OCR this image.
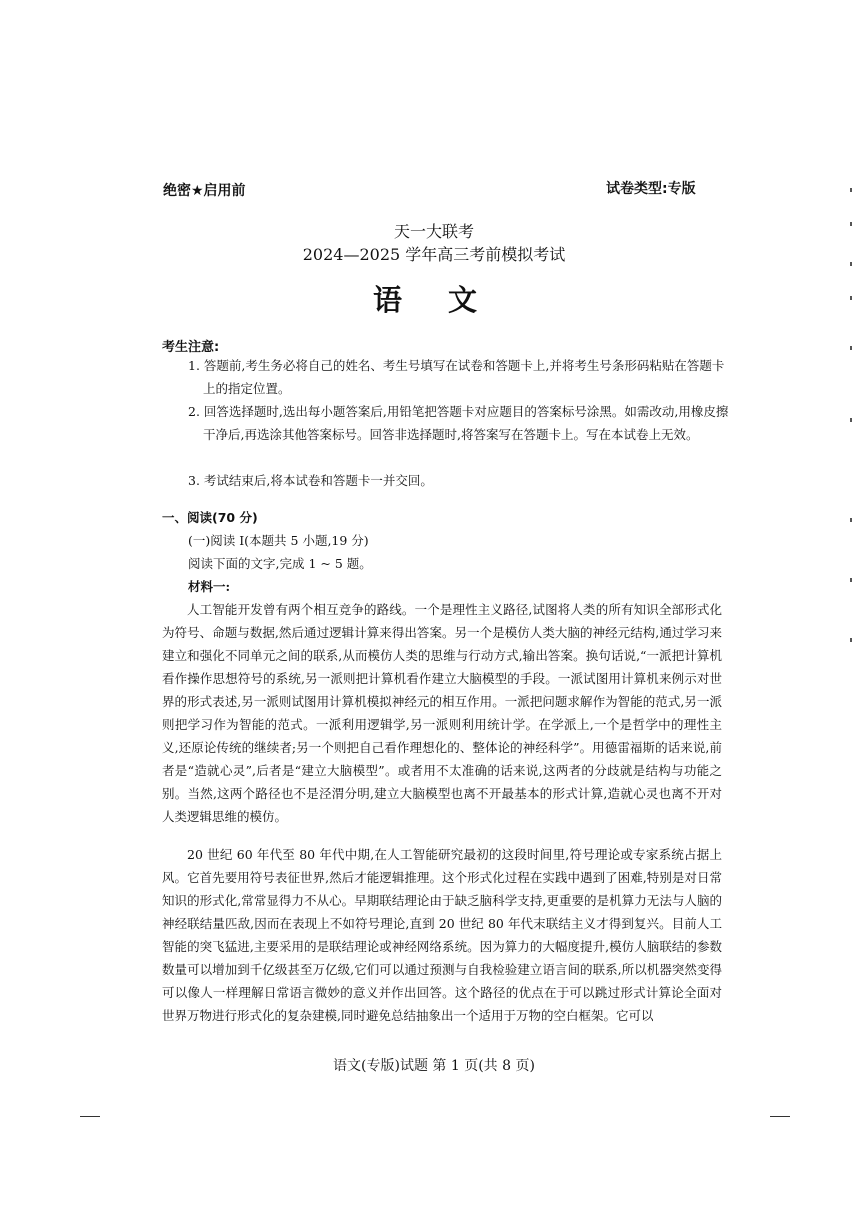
绝密★启用前	试卷类型:专版
天一大联考
2024—2025 学年高三考前模拟考试
语 文
考生注意:

1. 答题前,考生务必将自己的姓名、考生号填写在试卷和答题卡上,并将考生号条形码粘贴在答题卡上的指定位置。

2. 回答选择题时,选出每小题答案后,用铅笔把答题卡对应题目的答案标号涂黑。如需改动,用橡皮擦干净后,再选涂其他答案标号。回答非选择题时,将答案写在答题卡上。写在本试卷上无效。

3. 考试结束后,将本试卷和答题卡一并交回。

一、阅读(70 分)
(一)阅读 Ⅰ(本题共 5 小题,19 分)
阅读下面的文字,完成 1 ~ 5 题。
材料一:

人工智能开发曾有两个相互竞争的路线。一个是理性主义路径,试图将人类的所有知识全部形式化为符号、命题与数据,然后通过逻辑计算来得出答案。另一个是模仿人类大脑的神经元结构,通过学习来建立和强化不同单元之间的联系,从而模仿人类的思维与行动方式,输出答案。换句话说,“一派把计算机看作操作思想符号的系统,另一派则把计算机看作建立大脑模型的手段。一派试图用计算机来例示对世界的形式表述,另一派则试图用计算机模拟神经元的相互作用。一派把问题求解作为智能的范式,另一派则把学习作为智能的范式。一派利用逻辑学,另一派则利用统计学。在学派上,一个是哲学中的理性主义,还原论传统的继续者;另一个则把自己看作理想化的、整体论的神经科学”。用德雷福斯的话来说,前者是“造就心灵”,后者是“建立大脑模型”。或者用不太准确的话来说,这两者的分歧就是结构与功能之别。当然,这两个路径也不是泾渭分明,建立大脑模型也离不开最基本的形式计算,造就心灵也离不开对人类逻辑思维的模仿。

20 世纪 60 年代至 80 年代中期,在人工智能研究最初的这段时间里,符号理论或专家系统占据上风。它首先要用符号表征世界,然后才能逻辑推理。这个形式化过程在实践中遇到了困难,特别是对日常知识的形式化,常常显得力不从心。早期联结理论由于缺乏脑科学支持,更重要的是机算力无法与人脑的神经联结量匹敌,因而在表现上不如符号理论,直到 20 世纪 80 年代末联结主义才得到复兴。目前人工智能的突飞猛进,主要采用的是联结理论或神经网络系统。因为算力的大幅度提升,模仿人脑联结的参数数量可以增加到千亿级甚至万亿级,它们可以通过预测与自我检验建立语言间的联系,所以机器突然变得可以像人一样理解日常语言微妙的意义并作出回答。这个路径的优点在于可以跳过形式计算论全面对世界万物进行形式化的复杂建模,同时避免总结抽象出一个适用于万物的空白框架。它可以

语文(专版)试题 第 1 页(共 8 页)
